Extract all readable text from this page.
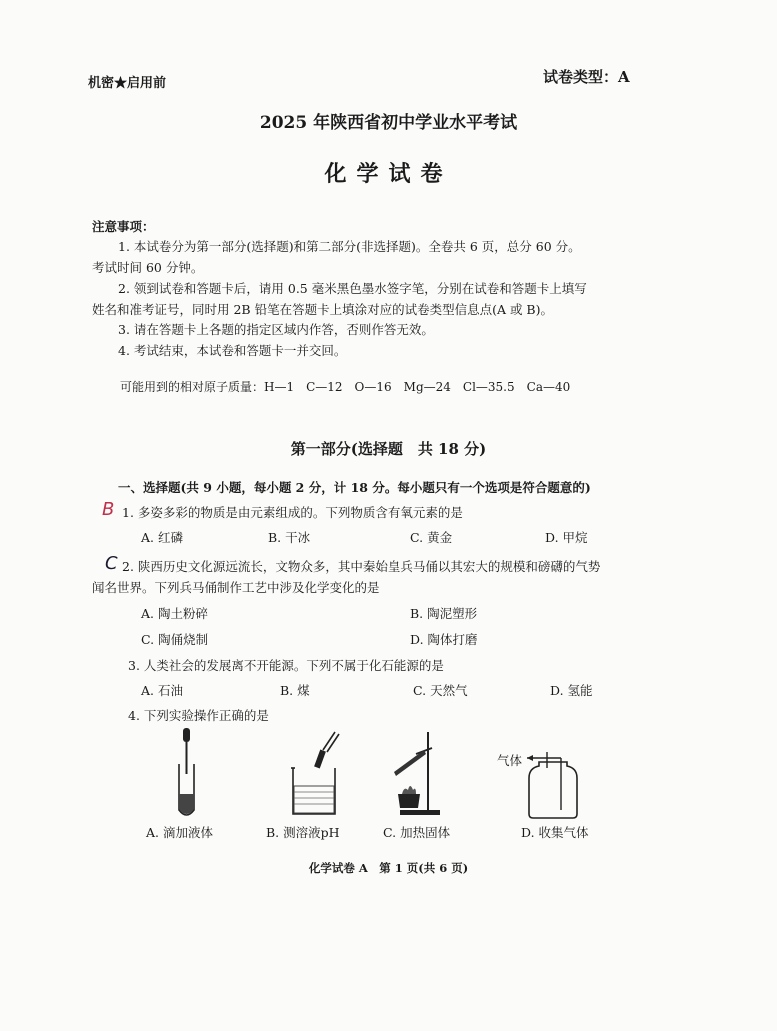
机密★启用前	试卷类型：A
2025 年陕西省初中学业水平考试
化学试卷
注意事项：
1. 本试卷分为第一部分(选择题)和第二部分(非选择题)。全卷共 6 页，总分 60 分。
考试时间 60 分钟。
2. 领到试卷和答题卡后，请用 0.5 毫米黑色墨水签字笔，分别在试卷和答题卡上填写
姓名和准考证号，同时用 2B 铅笔在答题卡上填涂对应的试卷类型信息点(A 或 B)。
3. 请在答题卡上各题的指定区域内作答，否则作答无效。
4. 考试结束，本试卷和答题卡一并交回。
可能用到的相对原子质量：H—1　C—12　O—16　Mg—24　Cl—35.5　Ca—40
第一部分(选择题　共 18 分)
一、选择题(共 9 小题，每小题 2 分，计 18 分。每小题只有一个选项是符合题意的)
B 1. 多姿多彩的物质是由元素组成的。下列物质含有氧元素的是
A. 红磷	B. 干冰	C. 黄金	D. 甲烷
C 2. 陕西历史文化源远流长，文物众多，其中秦始皇兵马俑以其宏大的规模和磅礴的气势
闻名世界。下列兵马俑制作工艺中涉及化学变化的是
A. 陶土粉碎	B. 陶泥塑形
C. 陶俑烧制	D. 陶体打磨
3. 人类社会的发展离不开能源。下列不属于化石能源的是
A. 石油	B. 煤	C. 天然气	D. 氢能
4. 下列实验操作正确的是
A. 滴加液体	B. 测溶液pH	C. 加热固体
气体
D. 收集气体
化学试卷 A　第 1 页(共 6 页)
